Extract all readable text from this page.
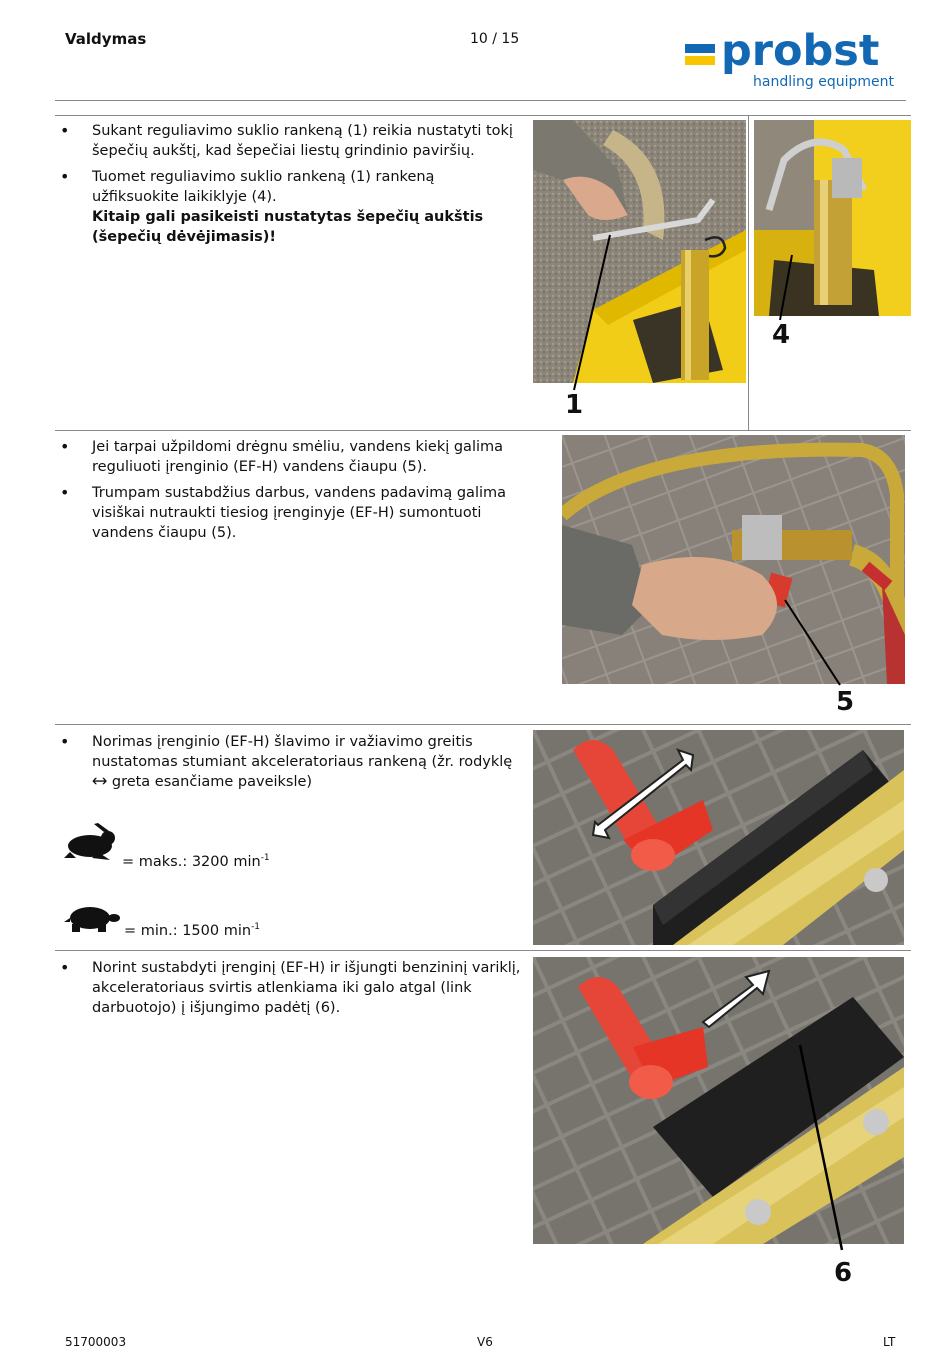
Valdymas	10 / 15	probst
handling equipment
• Sukant reguliavimo suklio rankeną (1) reikia nustatyti tokį šepečių aukštį, kad šepečiai liestų grindinio paviršių.
• Tuomet reguliavimo suklio rankeną (1) rankeną užfiksuokite laikiklyje (4).
Kitaip gali pasikeisti nustatytas šepečių aukštis (šepečių dėvėjimasis)!
1
4
• Jei tarpai užpildomi drėgnu smėliu, vandens kiekį galima reguliuoti įrenginio (EF-H) vandens čiaupu (5).
• Trumpam sustabdžius darbus, vandens padavimą galima visiškai nutraukti tiesiog įrenginyje (EF-H) sumontuoti vandens čiaupu (5).
5
• Norimas įrenginio (EF-H) šlavimo ir važiavimo greitis nustatomas stumiant akceleratoriaus rankeną (žr. rodyklę
🡘 greta esančiame paveiksle)
= maks.: 3200 $\min^{-1}$
= min.: 1500 $\min^{-1}$
• Norint sustabdyti įrenginį (EF-H) ir išjungti benzininį variklį, akceleratoriaus svirtis atlenkiama iki galo atgal (link darbuotojo) į išjungimo padėtį (6).
6
51700003	V6	LT
